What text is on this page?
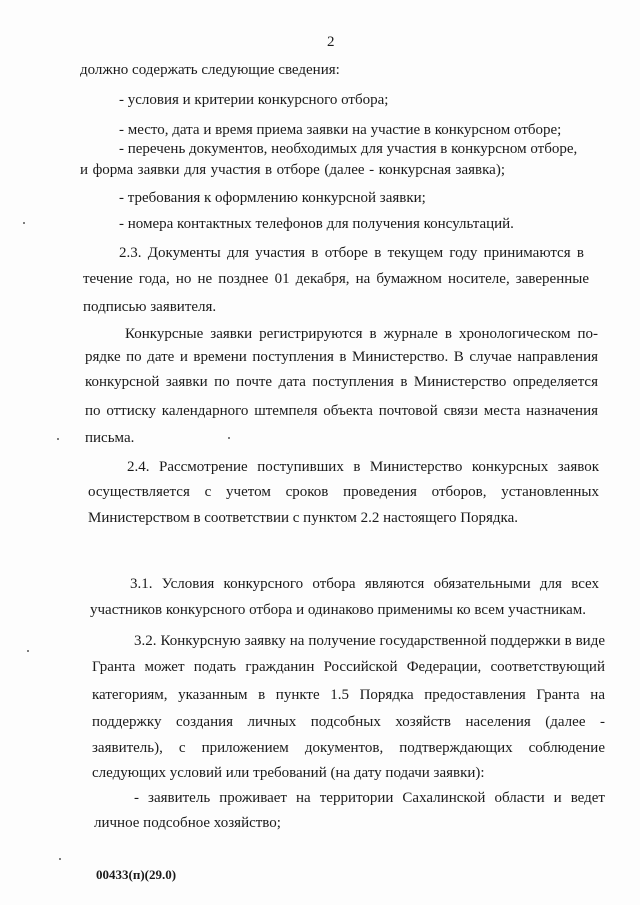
2
должно содержать следующие сведения:
- условия и критерии конкурсного отбора;
- место, дата и время приема заявки на участие в конкурсном отборе;
- перечень документов, необходимых для участия в конкурсном отборе,
и форма заявки для участия в отборе (далее - конкурсная заявка);
- требования к оформлению конкурсной заявки;
- номера контактных телефонов для получения консультаций.
2.3. Документы для участия в отборе в текущем году принимаются в
течение года, но не позднее 01 декабря, на бумажном носителе, заверенные
подписью заявителя.
Конкурсные заявки регистрируются в журнале в хронологическом по-
рядке по дате и времени поступления в Министерство. В случае направления
конкурсной заявки по почте дата поступления в Министерство определяется
по оттиску календарного штемпеля объекта почтовой связи места назначения
письма.
2.4. Рассмотрение поступивших в Министерство конкурсных заявок
осуществляется с учетом сроков проведения отборов, установленных
Министерством в соответствии с пунктом 2.2 настоящего Порядка.
3.1. Условия конкурсного отбора являются обязательными для всех
участников конкурсного отбора и одинаково применимы ко всем участникам.
3.2. Конкурсную заявку на получение государственной поддержки в виде
Гранта может подать гражданин Российской Федерации, соответствующий
категориям, указанным в пункте 1.5 Порядка предоставления Гранта на
поддержку создания личных подсобных хозяйств населения (далее -
заявитель), с приложением документов, подтверждающих соблюдение
следующих условий или требований (на дату подачи заявки):
- заявитель проживает на территории Сахалинской области и ведет
личное подсобное хозяйство;
00433(п)(29.0)
